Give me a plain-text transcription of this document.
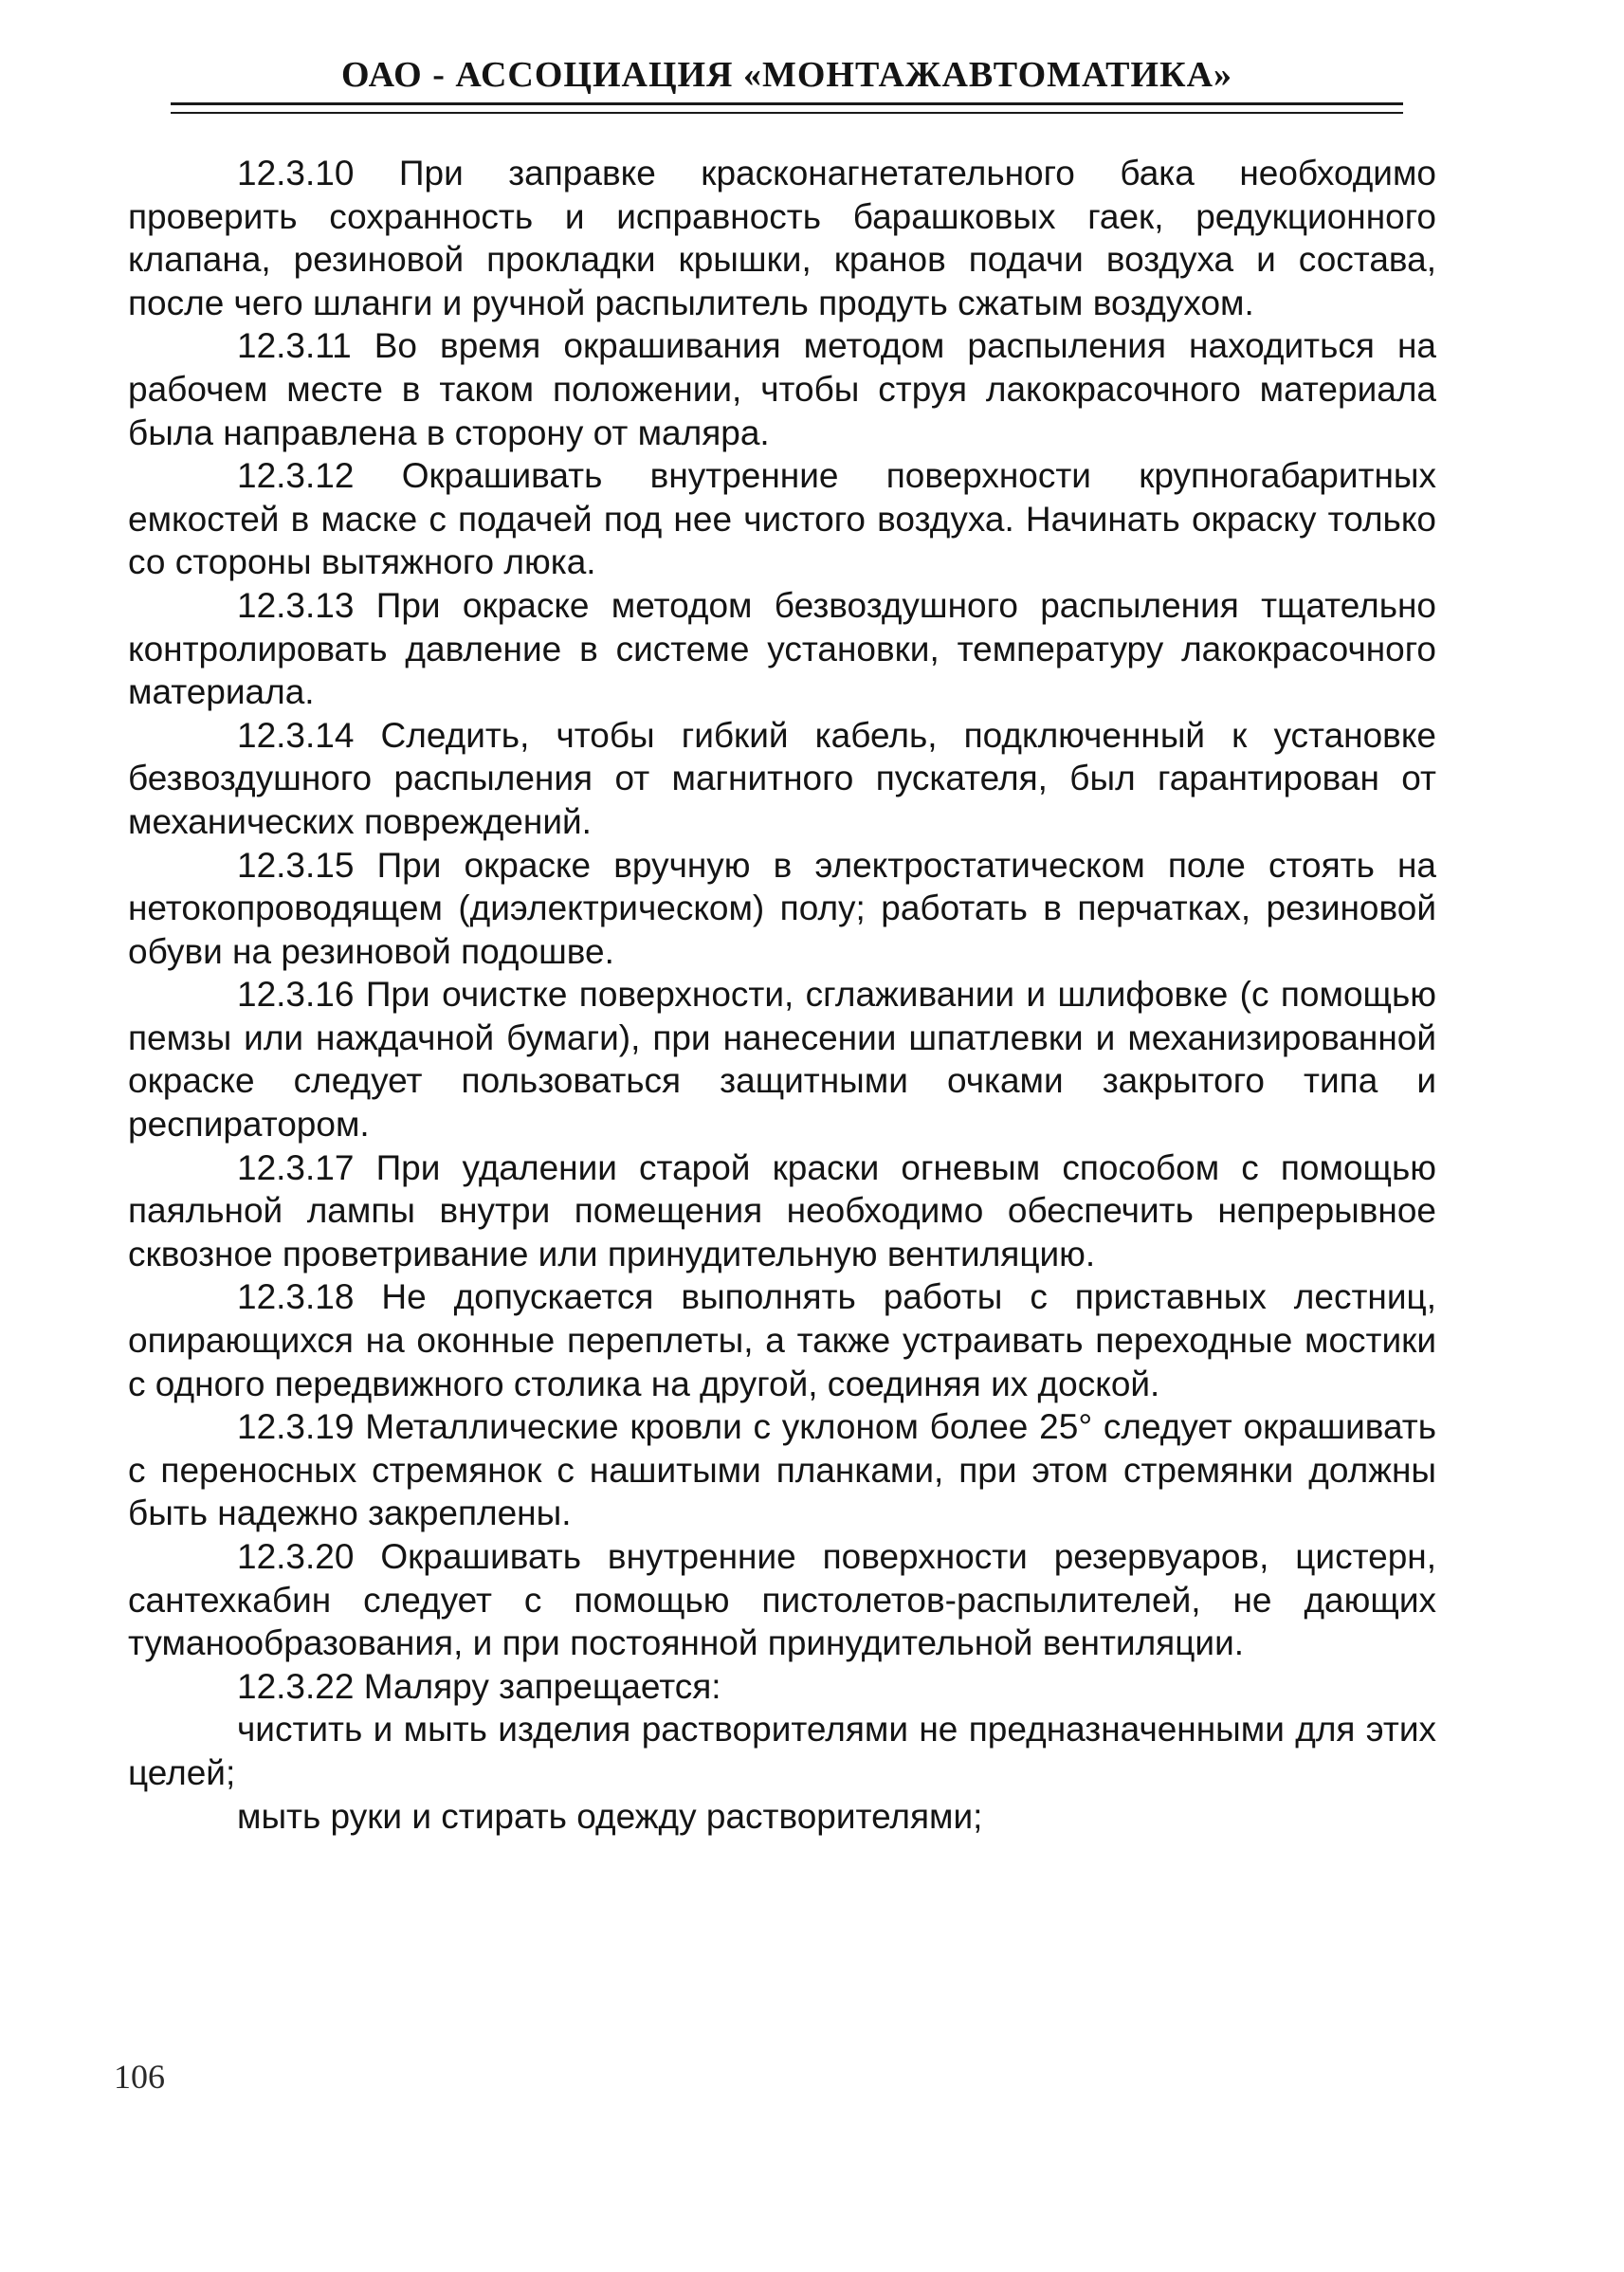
ОАО - АССОЦИАЦИЯ «МОНТАЖАВТОМАТИКА»

12.3.10 При заправке красконагнетательного бака необходимо проверить сохранность и исправность барашковых гаек, редукционного клапана, резиновой прокладки крышки, кранов подачи воздуха и состава, после чего шланги и ручной распылитель продуть сжатым воздухом.

12.3.11 Во время окрашивания методом распыления находиться на рабочем месте в таком положении, чтобы струя лакокрасочного материала была направлена в сторону от маляра.

12.3.12 Окрашивать внутренние поверхности крупногабаритных емкостей в маске с подачей под нее чистого воздуха. Начинать окраску только со стороны вытяжного люка.

12.3.13 При окраске методом безвоздушного распыления тщательно контролировать давление в системе установки, температуру лакокрасочного материала.

12.3.14 Следить, чтобы гибкий кабель, подключенный к установке безвоздушного распыления от магнитного пускателя, был гарантирован от механических повреждений.

12.3.15 При окраске вручную в электростатическом поле стоять на нетокопроводящем (диэлектрическом) полу; работать в перчатках, резиновой обуви на резиновой подошве.

12.3.16 При очистке поверхности, сглаживании и шлифовке (с помощью пемзы или наждачной бумаги), при нанесении шпатлевки и механизированной окраске следует пользоваться защитными очками закрытого типа и респиратором.

12.3.17 При удалении старой краски огневым способом с помощью паяльной лампы внутри помещения необходимо обеспечить непрерывное сквозное проветривание или принудительную вентиляцию.

12.3.18 Не допускается выполнять работы с приставных лестниц, опирающихся на оконные переплеты, а также устраивать переходные мостики с одного передвижного столика на другой, соединяя их доской.

12.3.19 Металлические кровли с уклоном более 25° следует окрашивать с переносных стремянок с нашитыми планками, при этом стремянки должны быть надежно закреплены.

12.3.20 Окрашивать внутренние поверхности резервуаров, цистерн, сантехкабин следует с помощью пистолетов-распылителей, не дающих туманообразования, и при постоянной принудительной вентиляции.

12.3.22 Маляру запрещается:

чистить и мыть изделия растворителями не предназначенными для этих целей;

мыть руки и стирать одежду растворителями;

106
